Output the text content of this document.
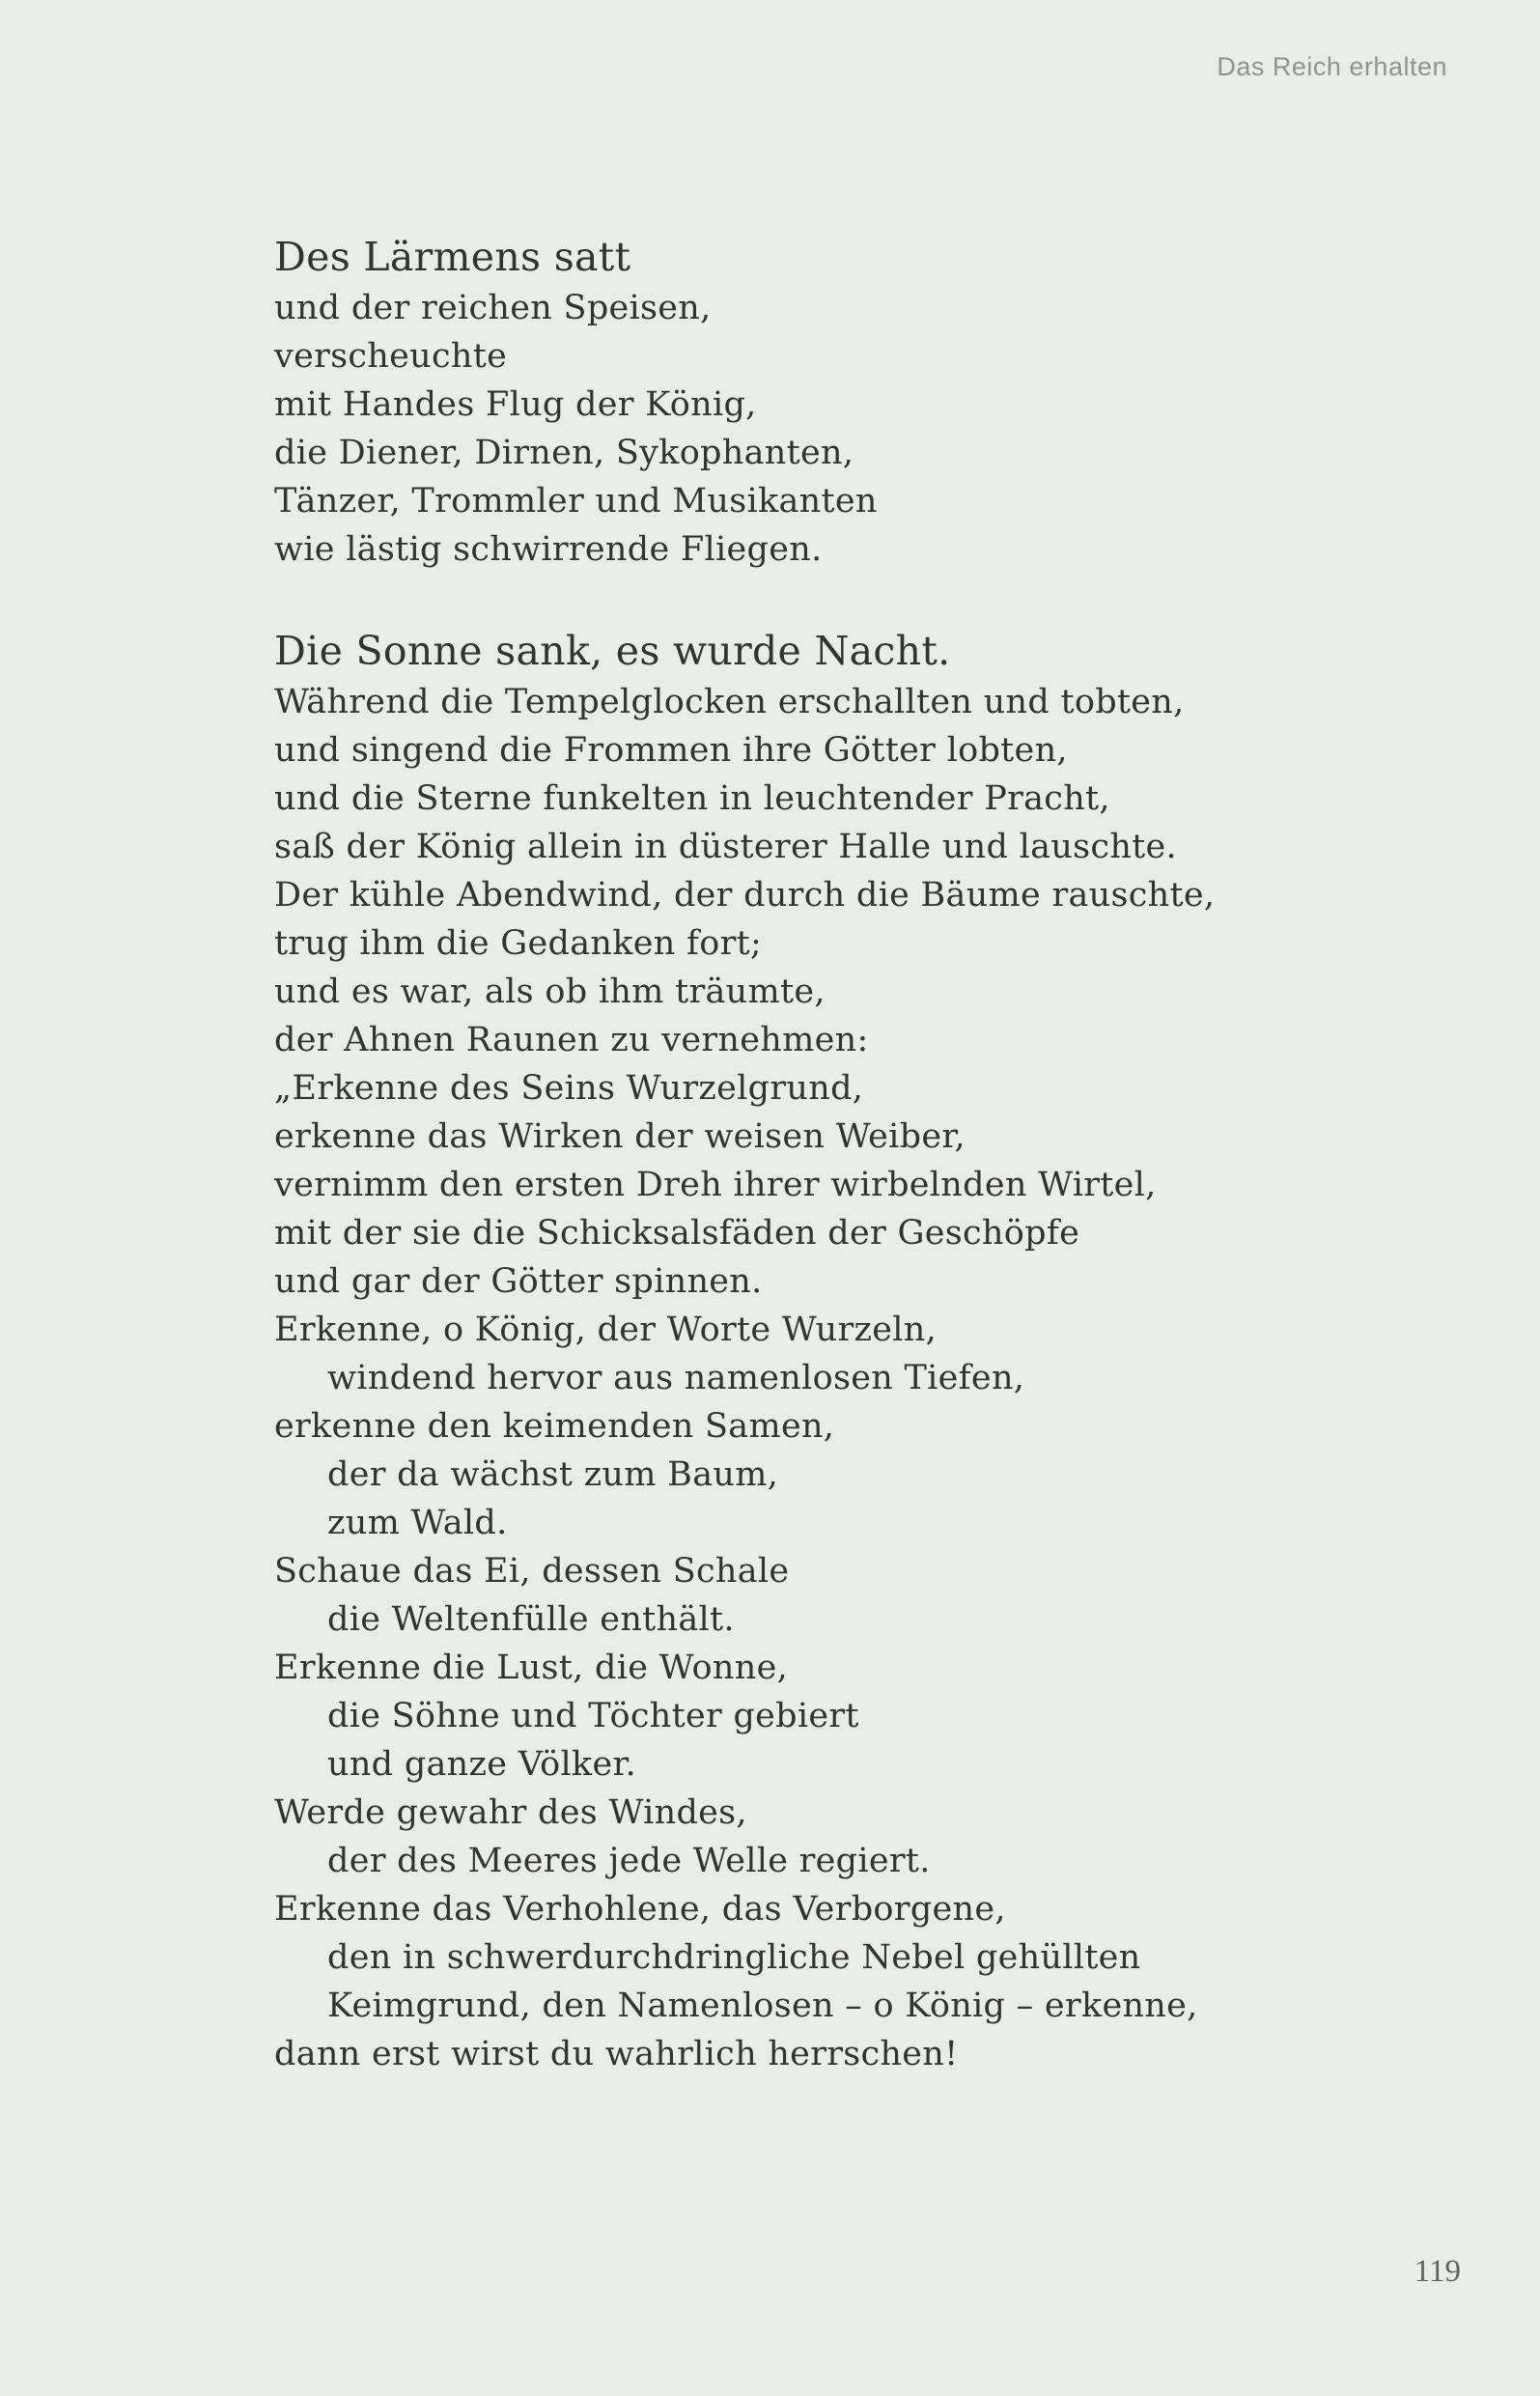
Das Reich erhalten
Des Lärmens satt
und der reichen Speisen,
verscheuchte
mit Handes Flug der König,
die Diener, Dirnen, Sykophanten,
Tänzer, Trommler und Musikanten
wie lästig schwirrende Fliegen.
Die Sonne sank, es wurde Nacht.
Während die Tempelglocken erschallten und tobten,
und singend die Frommen ihre Götter lobten,
und die Sterne funkelten in leuchtender Pracht,
saß der König allein in düsterer Halle und lauschte.
Der kühle Abendwind, der durch die Bäume rauschte,
trug ihm die Gedanken fort;
und es war, als ob ihm träumte,
der Ahnen Raunen zu vernehmen:
„Erkenne des Seins Wurzelgrund,
erkenne das Wirken der weisen Weiber,
vernimm den ersten Dreh ihrer wirbelnden Wirtel,
mit der sie die Schicksalsfäden der Geschöpfe
und gar der Götter spinnen.
Erkenne, o König, der Worte Wurzeln,
windend hervor aus namenlosen Tiefen,
erkenne den keimenden Samen,
der da wächst zum Baum,
zum Wald.
Schaue das Ei, dessen Schale
die Weltenfülle enthält.
Erkenne die Lust, die Wonne,
die Söhne und Töchter gebiert
und ganze Völker.
Werde gewahr des Windes,
der des Meeres jede Welle regiert.
Erkenne das Verhohlene, das Verborgene,
den in schwerdurchdringliche Nebel gehüllten
Keimgrund, den Namenlosen – o König – erkenne,
dann erst wirst du wahrlich herrschen!
119
